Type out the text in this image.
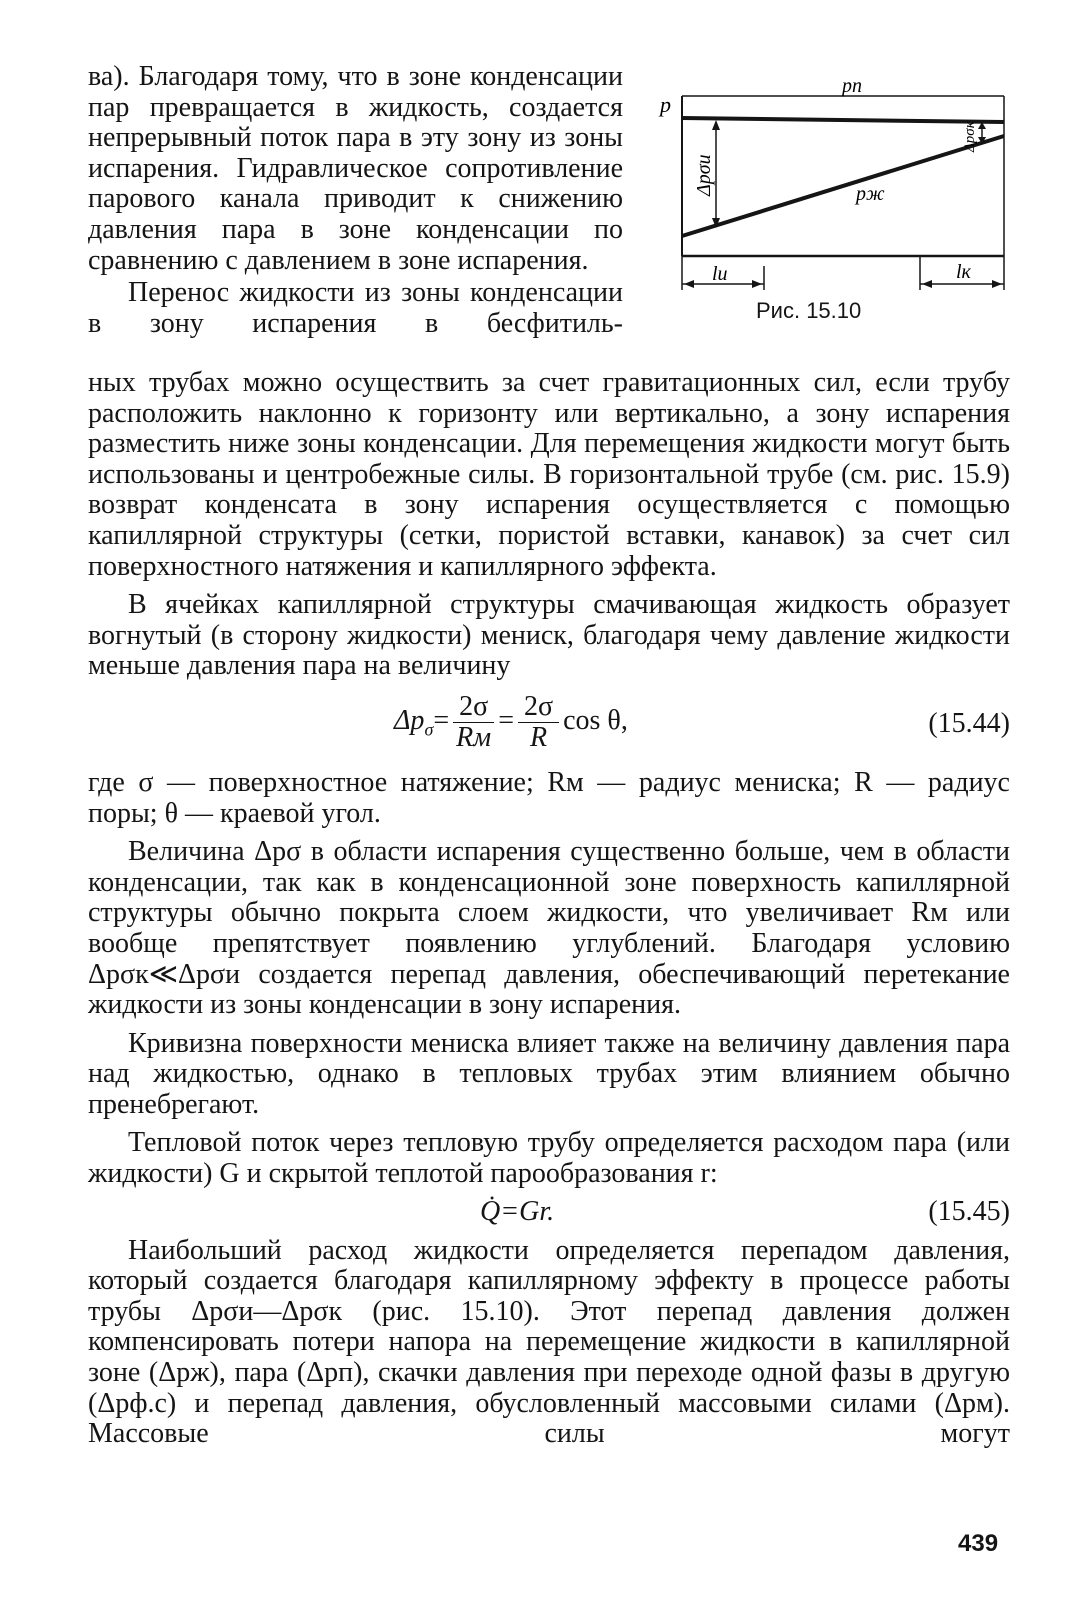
ва). Благодаря тому, что в зоне конденсации пар превращается в жидкость, создается непрерывный поток пара в эту зону из зоны испарения. Гидравлическое сопротивление парового канала приводит к снижению давления пара в зоне конденсации по сравнению с давлением в зоне испарения.

Перенос жидкости из зоны конденсации в зону испарения в бесфитиль-

p
pп
pж
Δpσи
Δpσк
lи	lк
Рис. 15.10

ных трубах можно осуществить за счет гравитационных сил, если трубу расположить наклонно к горизонту или вертикально, а зону испарения разместить ниже зоны конденсации. Для перемещения жидкости могут быть использованы и центробежные силы. В горизонтальной трубе (см. рис. 15.9) возврат конденсата в зону испарения осуществляется с помощью капиллярной структуры (сетки, пористой вставки, канавок) за счет сил поверхностного натяжения и капиллярного эффекта.

В ячейках капиллярной структуры смачивающая жидкость образует вогнутый (в сторону жидкости) мениск, благодаря чему давление жидкости меньше давления пара на величину

$\Delta p_\sigma= \frac{2\sigma}{Rм} = \frac{2\sigma}{R}$ cos θ,	(15.44)

где σ — поверхностное натяжение; Rм — радиус мениска; R — радиус поры; θ — краевой угол.

Величина Δpσ в области испарения существенно больше, чем в области конденсации, так как в конденсационной зоне поверхность капиллярной структуры обычно покрыта слоем жидкости, что увеличивает Rм или вообще препятствует появлению углублений. Благодаря условию Δpσк≪Δpσи создается перепад давления, обеспечивающий перетекание жидкости из зоны конденсации в зону испарения.

Кривизна поверхности мениска влияет также на величину давления пара над жидкостью, однако в тепловых трубах этим влиянием обычно пренебрегают.

Тепловой поток через тепловую трубу определяется расходом пара (или жидкости) G и скрытой теплотой парообразования r:

Q̇=Gr.	(15.45)

Наибольший расход жидкости определяется перепадом давления, который создается благодаря капиллярному эффекту в процессе работы трубы Δpσи—Δpσк (рис. 15.10). Этот перепад давления должен компенсировать потери напора на перемещение жидкости в капиллярной зоне (Δpж), пара (Δpп), скачки давления при переходе одной фазы в другую (Δpф.с) и перепад давления, обусловленный массовыми силами (Δpм). Массовые силы могут

439
